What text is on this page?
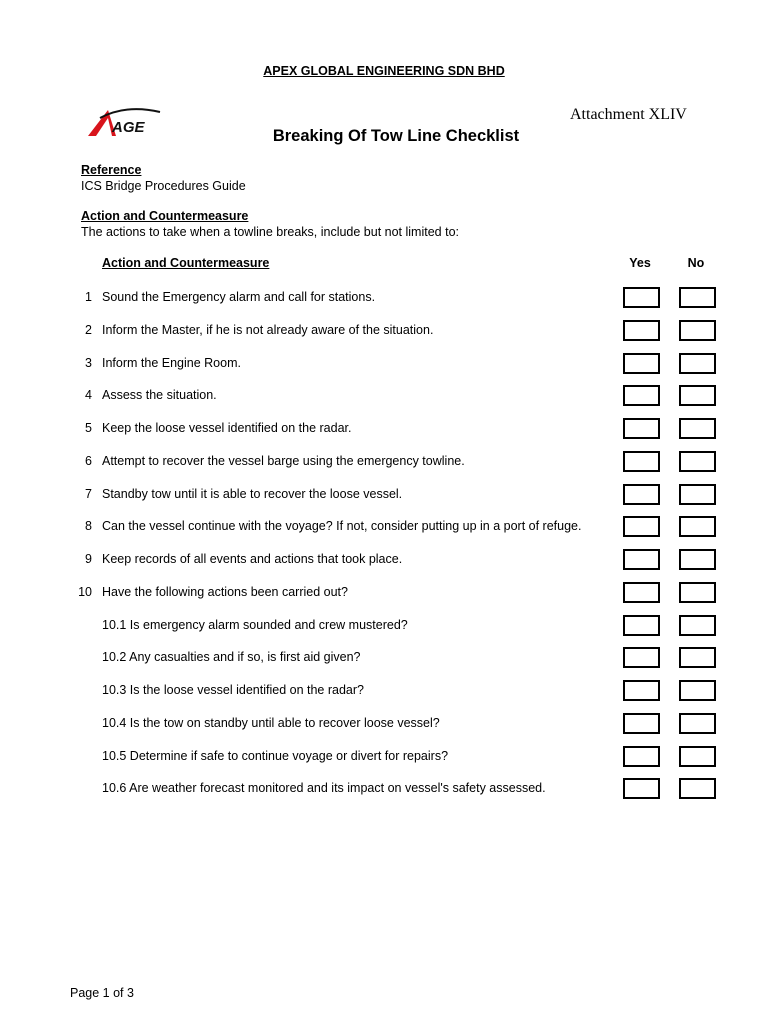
APEX GLOBAL ENGINEERING SDN BHD
AGE
Attachment XLIV
Breaking Of Tow Line Checklist
Reference
ICS Bridge Procedures Guide
Action and Countermeasure
The actions to take when a towline breaks, include but not limited to:
Action and Countermeasure	Yes	No
1 Sound the Emergency alarm and call for stations.
2 Inform the Master, if he is not already aware of the situation.
3 Inform the Engine Room.
4 Assess the situation.
5 Keep the loose vessel identified on the radar.
6 Attempt to recover the vessel barge using the emergency towline.
7 Standby tow until it is able to recover the loose vessel.
8 Can the vessel continue with the voyage? If not, consider putting up in a port of refuge.
9 Keep records of all events and actions that took place.
10 Have the following actions been carried out?
10.1 Is emergency alarm sounded and crew mustered?
10.2 Any casualties and if so, is first aid given?
10.3 Is the loose vessel identified on the radar?
10.4 Is the tow on standby until able to recover loose vessel?
10.5 Determine if safe to continue voyage or divert for repairs?
10.6 Are weather forecast monitored and its impact on vessel's safety assessed.
Page 1 of 3
